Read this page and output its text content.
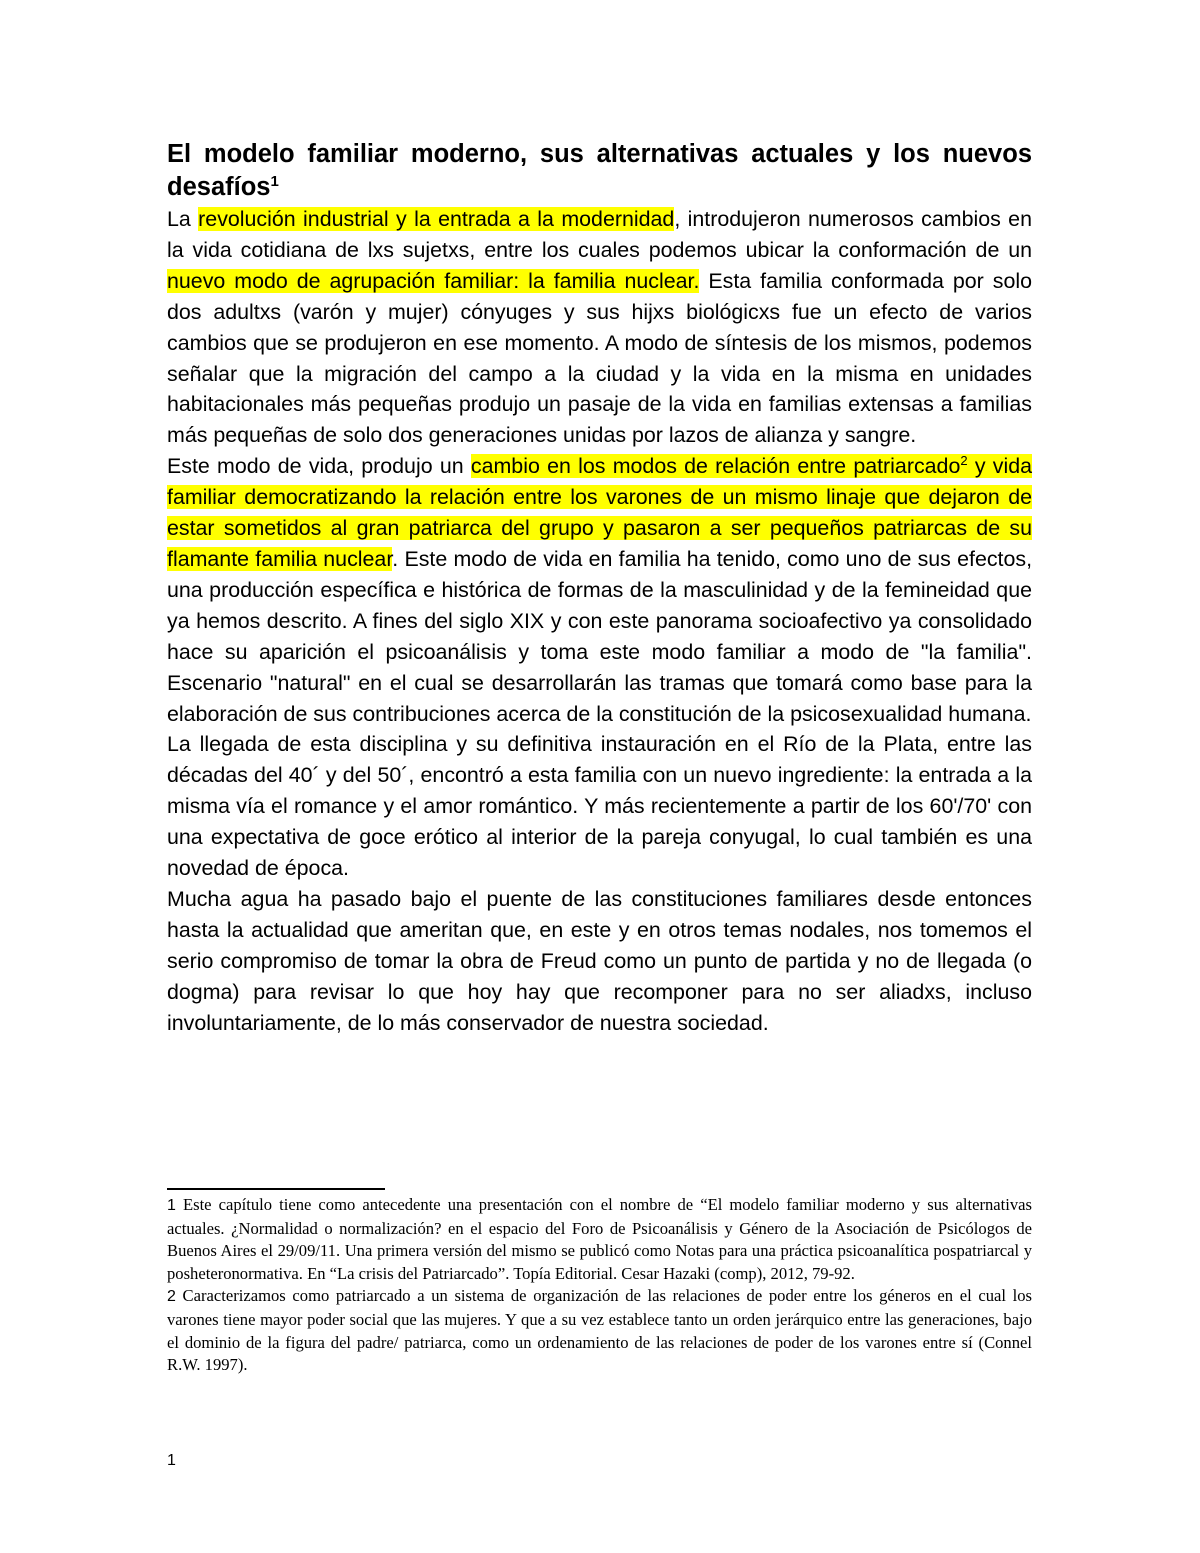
El modelo familiar moderno, sus alternativas actuales y los nuevos desafíos$^1$

La revolución industrial y la entrada a la modernidad, introdujeron numerosos cambios en la vida cotidiana de lxs sujetxs, entre los cuales podemos ubicar la conformación de un nuevo modo de agrupación familiar: la familia nuclear. Esta familia conformada por solo dos adultxs (varón y mujer) cónyuges y sus hijxs biológicxs fue un efecto de varios cambios que se produjeron en ese momento. A modo de síntesis de los mismos, podemos señalar que la migración del campo a la ciudad y la vida en la misma en unidades habitacionales más pequeñas produjo un pasaje de la vida en familias extensas a familias más pequeñas de solo dos generaciones unidas por lazos de alianza y sangre.

Este modo de vida, produjo un cambio en los modos de relación entre patriarcado$^2$ y vida familiar democratizando la relación entre los varones de un mismo linaje que dejaron de estar sometidos al gran patriarca del grupo y pasaron a ser pequeños patriarcas de su flamante familia nuclear. Este modo de vida en familia ha tenido, como uno de sus efectos, una producción específica e histórica de formas de la masculinidad y de la femineidad que ya hemos descrito. A fines del siglo XIX y con este panorama socioafectivo ya consolidado hace su aparición el psicoanálisis y toma este modo familiar a modo de "la familia". Escenario "natural" en el cual se desarrollarán las tramas que tomará como base para la elaboración de sus contribuciones acerca de la constitución de la psicosexualidad humana.

La llegada de esta disciplina y su definitiva instauración en el Río de la Plata, entre las décadas del 40´ y del 50´, encontró a esta familia con un nuevo ingrediente: la entrada a la misma vía el romance y el amor romántico. Y más recientemente a partir de los 60'/70' con una expectativa de goce erótico al interior de la pareja conyugal, lo cual también es una novedad de época.

Mucha agua ha pasado bajo el puente de las constituciones familiares desde entonces hasta la actualidad que ameritan que, en este y en otros temas nodales, nos tomemos el serio compromiso de tomar la obra de Freud como un punto de partida y no de llegada (o dogma) para revisar lo que hoy hay que recomponer para no ser aliadxs, incluso involuntariamente, de lo más conservador de nuestra sociedad.

1 Este capítulo tiene como antecedente una presentación con el nombre de “El modelo familiar moderno y sus alternativas actuales. ¿Normalidad o normalización? en el espacio del Foro de Psicoanálisis y Género de la Asociación de Psicólogos de Buenos Aires el 29/09/11. Una primera versión del mismo se publicó como Notas para una práctica psicoanalítica pospatriarcal y posheteronormativa. En “La crisis del Patriarcado”. Topía Editorial. Cesar Hazaki (comp), 2012, 79-92.

2 Caracterizamos como patriarcado a un sistema de organización de las relaciones de poder entre los géneros en el cual los varones tiene mayor poder social que las mujeres. Y que a su vez establece tanto un orden jerárquico entre las generaciones, bajo el dominio de la figura del padre/ patriarca, como un ordenamiento de las relaciones de poder de los varones entre sí (Connel R.W. 1997).

1
